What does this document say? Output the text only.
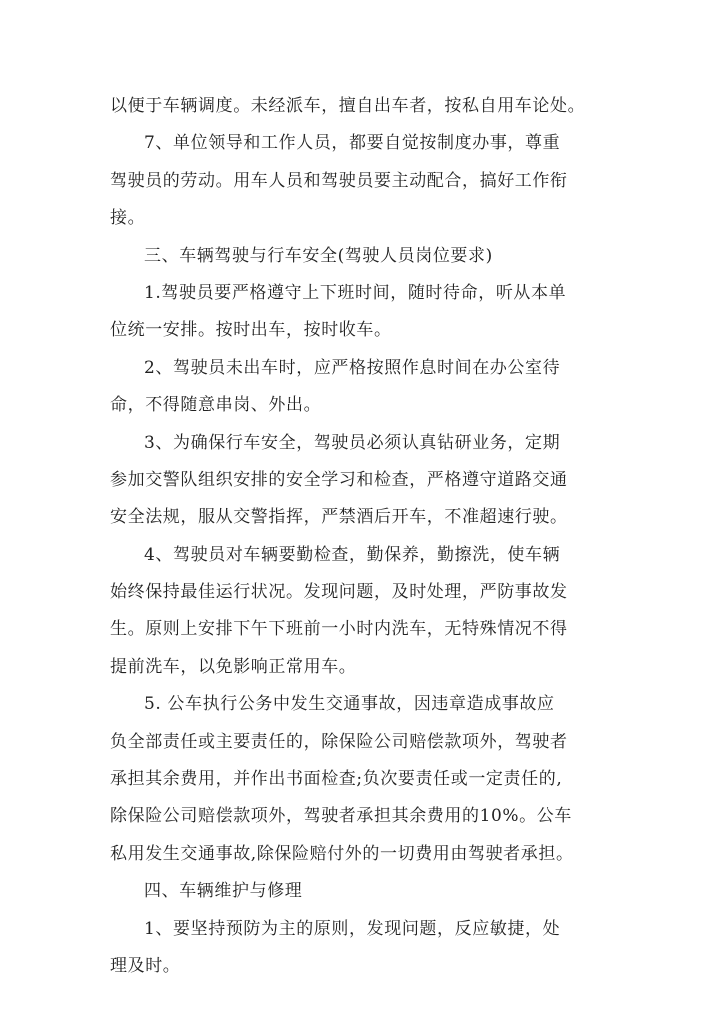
以便于车辆调度。未经派车，擅自出车者，按私自用车论处。
7、单位领导和工作人员，都要自觉按制度办事，尊重
驾驶员的劳动。用车人员和驾驶员要主动配合，搞好工作衔
接。
三、车辆驾驶与行车安全(驾驶人员岗位要求)
1.驾驶员要严格遵守上下班时间，随时待命，听从本单
位统一安排。按时出车，按时收车。
2、驾驶员未出车时，应严格按照作息时间在办公室待
命，不得随意串岗、外出。
3、为确保行车安全，驾驶员必须认真钻研业务，定期
参加交警队组织安排的安全学习和检查，严格遵守道路交通
安全法规，服从交警指挥，严禁酒后开车，不准超速行驶。
4、驾驶员对车辆要勤检查，勤保养，勤擦洗，使车辆
始终保持最佳运行状况。发现问题，及时处理，严防事故发
生。原则上安排下午下班前一小时内洗车，无特殊情况不得
提前洗车，以免影响正常用车。
5. 公车执行公务中发生交通事故，因违章造成事故应
负全部责任或主要责任的，除保险公司赔偿款项外，驾驶者
承担其余费用，并作出书面检查;负次要责任或一定责任的,
除保险公司赔偿款项外，驾驶者承担其余费用的10%。公车
私用发生交通事故,除保险赔付外的一切费用由驾驶者承担。
四、车辆维护与修理
1、要坚持预防为主的原则，发现问题，反应敏捷，处
理及时。
